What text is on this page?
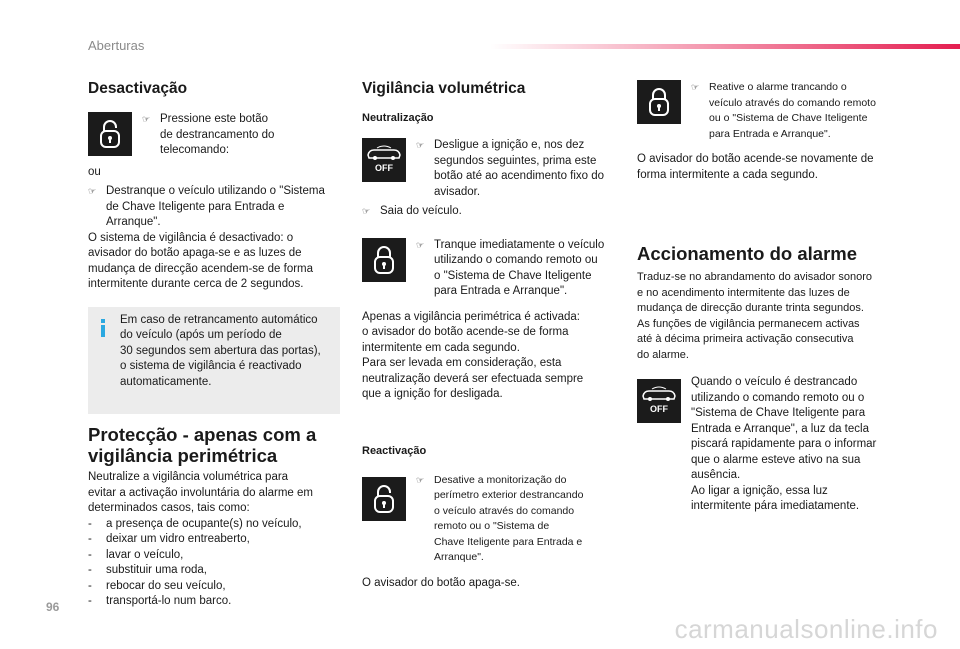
Aberturas
Desactivação
☞ Pressione este botão
de destrancamento do
telecomando:
ou
☞ Destranque o veículo utilizando o "Sistema
de Chave Iteligente para Entrada e
Arranque".
O sistema de vigilância é desactivado: o
avisador do botão apaga-se e as luzes de
mudança de direcção acendem-se de forma
intermitente durante cerca de 2 segundos.
Em caso de retrancamento automático
do veículo (após um período de
30 segundos sem abertura das portas),
o sistema de vigilância é reactivado
automaticamente.
Protecção - apenas com a
vigilância perimétrica
Neutralize a vigilância volumétrica para
evitar a activação involuntária do alarme em
determinados casos, tais como:
-	a presença de ocupante(s) no veículo,
-	deixar um vidro entreaberto,
-	lavar o veículo,
-	substituir uma roda,
-	rebocar do seu veículo,
-	transportá-lo num barco.
Vigilância volumétrica
Neutralização
OFF
☞ Desligue a ignição e, nos dez
segundos seguintes, prima este
botão até ao acendimento fixo do
avisador.
☞ Saia do veículo.
☞ Tranque imediatamente o veículo
utilizando o comando remoto ou
o "Sistema de Chave Iteligente
para Entrada e Arranque".
Apenas a vigilância perimétrica é activada:
o avisador do botão acende-se de forma
intermitente em cada segundo.
Para ser levada em consideração, esta
neutralização deverá ser efectuada sempre
que a ignição for desligada.
Reactivação
☞ Desative a monitorização do
perímetro exterior destrancando
o veículo através do comando
remoto ou o "Sistema de
Chave Iteligente para Entrada e
Arranque".
O avisador do botão apaga-se.
☞ Reative o alarme trancando o
veículo através do comando remoto
ou o "Sistema de Chave Iteligente
para Entrada e Arranque".
O avisador do botão acende-se novamente de
forma intermitente a cada segundo.
Accionamento do alarme
Traduz-se no abrandamento do avisador sonoro
e no acendimento intermitente das luzes de
mudança de direcção durante trinta segundos.
As funções de vigilância permanecem activas
até à décima primeira activação consecutiva
do alarme.
OFF
Quando o veículo é destrancado
utilizando o comando remoto ou o
"Sistema de Chave Iteligente para
Entrada e Arranque", a luz da tecla
piscará rapidamente para o informar
que o alarme esteve ativo na sua
ausência.
Ao ligar a ignição, essa luz
intermitente pára imediatamente.
96
carmanualsonline.info
